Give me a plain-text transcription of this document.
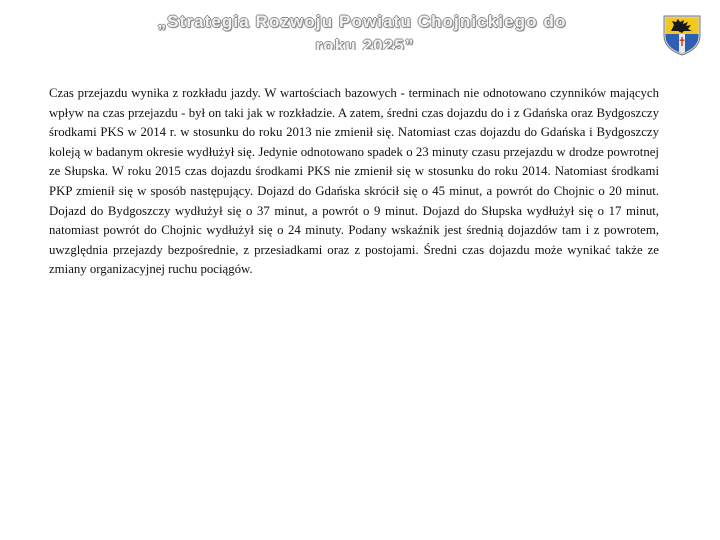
„Strategia Rozwoju Powiatu Chojnickiego do
roku 2025”

Czas przejazdu wynika z rozkładu jazdy. W wartościach bazowych - terminach nie odnotowano czynników mających wpływ na czas przejazdu - był on taki jak w rozkładzie. A zatem, średni czas dojazdu do i z Gdańska oraz Bydgoszczy środkami PKS w 2014 r. w stosunku do roku 2013 nie zmienił się. Natomiast czas dojazdu do Gdańska i Bydgoszczy koleją w badanym okresie wydłużył się. Jedynie odnotowano spadek o 23 minuty czasu przejazdu w drodze powrotnej ze Słupska. W roku 2015 czas dojazdu środkami PKS nie zmienił się w stosunku do roku 2014. Natomiast środkami PKP zmienił się w sposób następujący. Dojazd do Gdańska skrócił się o 45 minut, a powrót do Chojnic o 20 minut. Dojazd do Bydgoszczy wydłużył się o 37 minut, a powrót o 9 minut. Dojazd do Słupska wydłużył się o 17 minut, natomiast powrót do Chojnic wydłużył się o 24 minuty. Podany wskaźnik jest średnią dojazdów tam i z powrotem, uwzględnia przejazdy bezpośrednie, z przesiadkami oraz z postojami. Średni czas dojazdu może wynikać także ze zmiany organizacyjnej ruchu pociągów.
